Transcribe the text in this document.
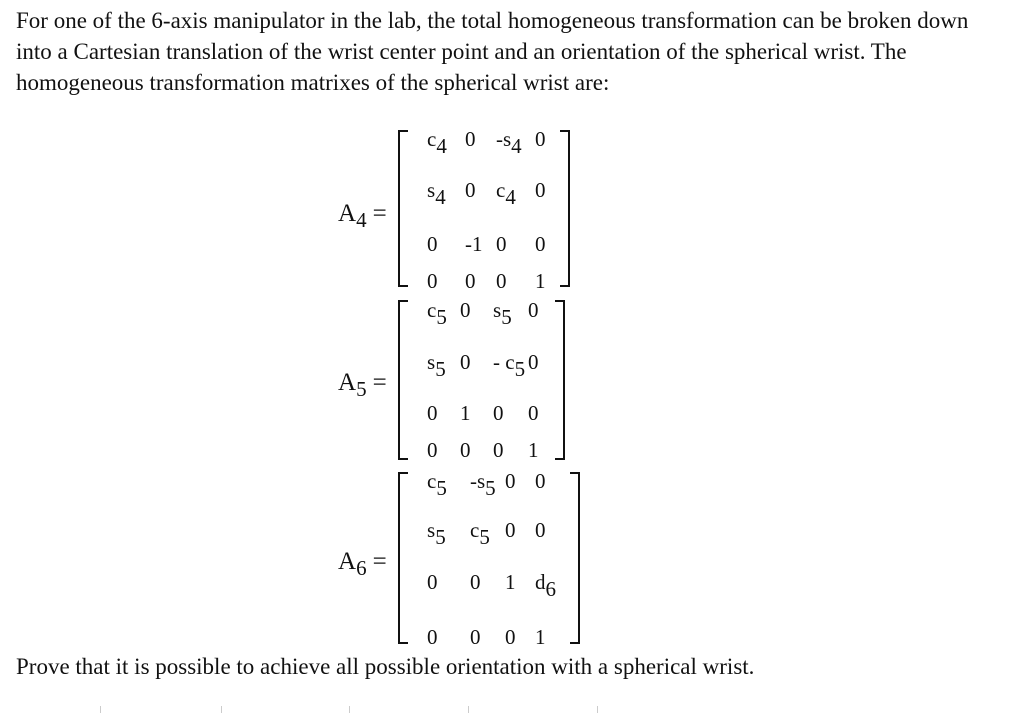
For one of the 6-axis manipulator in the lab, the total homogeneous transformation can be broken down into a Cartesian translation of the wrist center point and an orientation of the spherical wrist. The homogeneous transformation matrixes of the spherical wrist are:

$A_4$ =
c4 0 -s4 0
s4 0 c4 0
0 -1 0 0
0 0 0 1
$A_5$ =
c5 0 s5 0
s5 0 - c5 0
0 1 0 0
0 0 0 1
$A_6$ =
c5 -s5 0 0
s5 c5 0 0
0 0 1 d6
0 0 0 1

Prove that it is possible to achieve all possible orientation with a spherical wrist.
